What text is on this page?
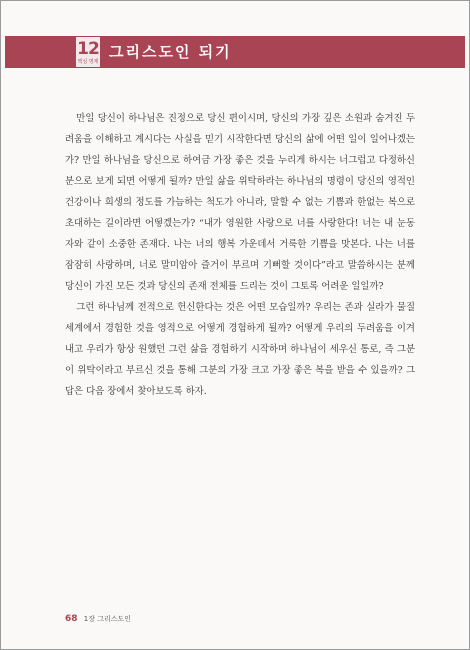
12
핵심 명제
그리스도인 되기

만일 당신이 하나님은 진정으로 당신 편이시며, 당신의 가장 깊은 소원과 숨겨진 두려움을 이해하고 계시다는 사실을 믿기 시작한다면 당신의 삶에 어떤 일이 일어나겠는가? 만일 하나님을 당신으로 하여금 가장 좋은 것을 누리게 하시는 너그럽고 다정하신 분으로 보게 되면 어떻게 될까? 만일 삶을 위탁하라는 하나님의 명령이 당신의 영적인 건강이나 희생의 정도를 가늠하는 척도가 아니라, 말할 수 없는 기쁨과 한없는 복으로 초대하는 길이라면 어떻겠는가? “내가 영원한 사랑으로 너를 사랑한다! 너는 내 눈동자와 같이 소중한 존재다. 나는 너의 행복 가운데서 거룩한 기쁨을 맛본다. 나는 너를 잠잠히 사랑하며, 너로 말미암아 즐거이 부르며 기뻐할 것이다”라고 말씀하시는 분께 당신이 가진 모든 것과 당신의 존재 전체를 드리는 것이 그토록 어려운 일일까?

그런 하나님께 전적으로 헌신한다는 것은 어떤 모습일까? 우리는 존과 실라가 물질 세계에서 경험한 것을 영적으로 어떻게 경험하게 될까? 어떻게 우리의 두려움을 이겨내고 우리가 항상 원했던 그런 삶을 경험하기 시작하며 하나님이 세우신 통로, 즉 그분이 위탁이라고 부르신 것을 통해 그분의 가장 크고 가장 좋은 복을 받을 수 있을까? 그 답은 다음 장에서 찾아보도록 하자.

68 1장 그리스도인
